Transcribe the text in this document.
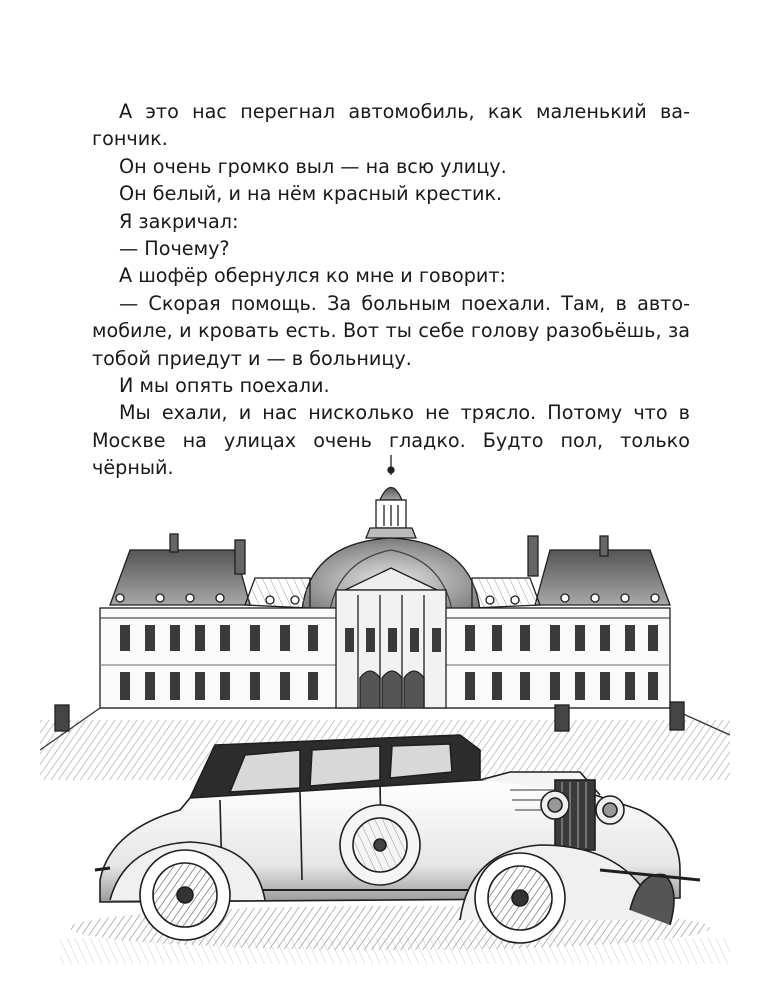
А это нас перегнал автомобиль, как маленький вагончик.

Он очень громко выл — на всю улицу.

Он белый, и на нём красный крестик.

Я закричал:

— Почему?

А шофёр обернулся ко мне и говорит:

— Скорая помощь. За больным поехали. Там, в автомобиле, и кровать есть. Вот ты себе голову разобьёшь, за тобой приедут и — в больницу.

И мы опять поехали.

Мы ехали, и нас нисколько не трясло. Потому что в Москве на улицах очень гладко. Будто пол, только чёрный.
